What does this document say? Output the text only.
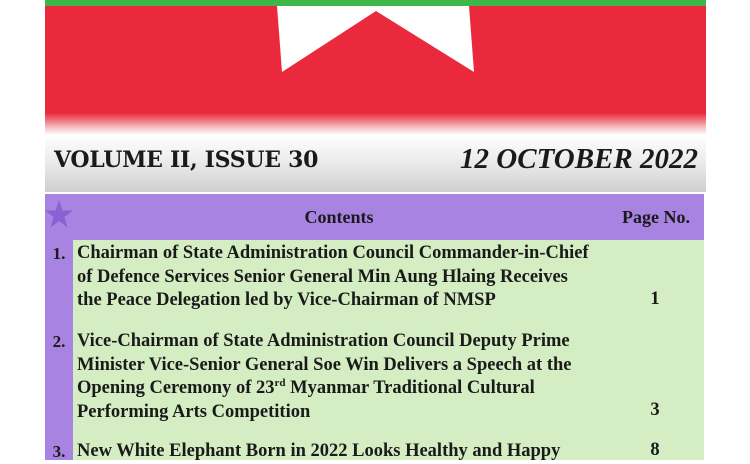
VOLUME II, ISSUE 30	12 OCTOBER 2022
Contents	Page No.
1. Chairman of State Administration Council Commander-in-Chief
of Defence Services Senior General Min Aung Hlaing Receives
the Peace Delegation led by Vice-Chairman of NMSP	1
2. Vice-Chairman of State Administration Council Deputy Prime
Minister Vice-Senior General Soe Win Delivers a Speech at the
Opening Ceremony of 23rd Myanmar Traditional Cultural
Performing Arts Competition	3
3. New White Elephant Born in 2022 Looks Healthy and Happy	8
